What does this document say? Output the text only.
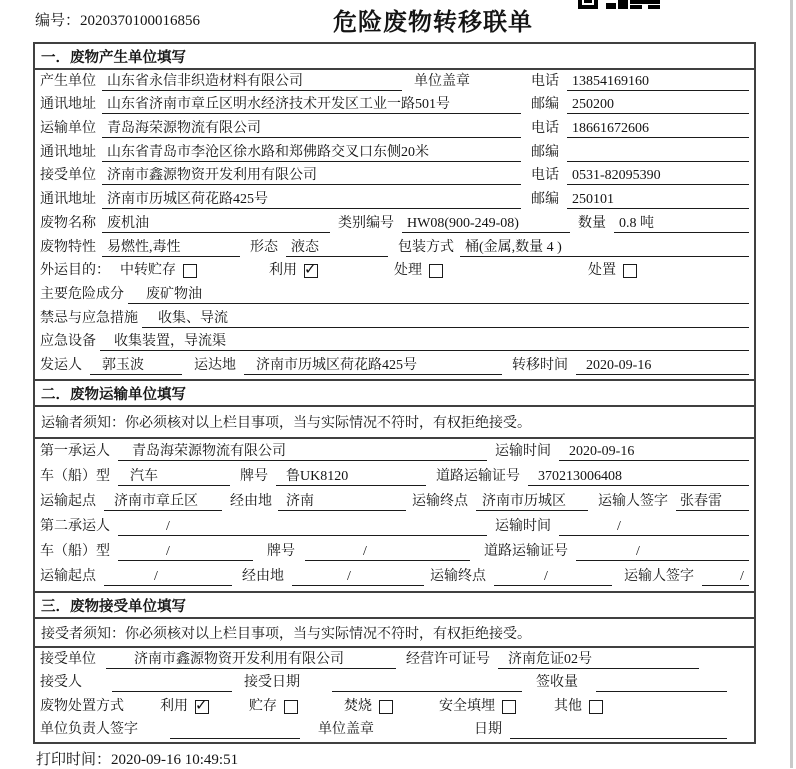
编号：2020370100016856	危险废物转移联单
一．废物产生单位填写
产生单位 山东省永信非织造材料有限公司	单位盖章	电话 13854169160
通讯地址 山东省济南市章丘区明水经济技术开发区工业一路501号	邮编 250200
运输单位 青岛海荣源物流有限公司	电话 18661672606
通讯地址 山东省青岛市李沧区徐水路和郑佛路交叉口东侧20米	邮编
接受单位 济南市鑫源物资开发利用有限公司	电话 0531-82095390
通讯地址 济南市历城区荷花路425号	邮编 250101
废物名称 废机油	类别编号 HW08(900-249-08)	数量 0.8 吨
废物特性 易燃性,毒性	形态 液态	包装方式 桶(金属,数量 4 )
外运目的： 中转贮存	利用 ✓	处理	处置
主要危险成分	废矿物油
禁忌与应急措施	收集、导流
应急设备	收集装置，导流渠
发运人	郭玉波	运达地	济南市历城区荷花路425号	转移时间	2020-09-16
二．废物运输单位填写
运输者须知：你必须核对以上栏目事项，当与实际情况不符时，有权拒绝接受。
第一承运人	青岛海荣源物流有限公司	运输时间	2020-09-16
车（船）型	汽车	牌号	鲁UK8120	道路运输证号	370213006408
运输起点	济南市章丘区	经由地	济南	运输终点	济南市历城区	运输人签字 张春雷
第二承运人	/	运输时间	/
车（船）型	/	牌号	/	道路运输证号	/
运输起点	/	经由地	/	运输终点	/	运输人签字	/
三．废物接受单位填写
接受者须知：你必须核对以上栏目事项，当与实际情况不符时，有权拒绝接受。
接受单位	济南市鑫源物资开发利用有限公司	经营许可证号	济南危证02号
接受人	接受日期	签收量
废物处置方式	利用 ✓	贮存	焚烧	安全填埋	其他
单位负责人签字	单位盖章	日期
打印时间：2020-09-16 10:49:51
